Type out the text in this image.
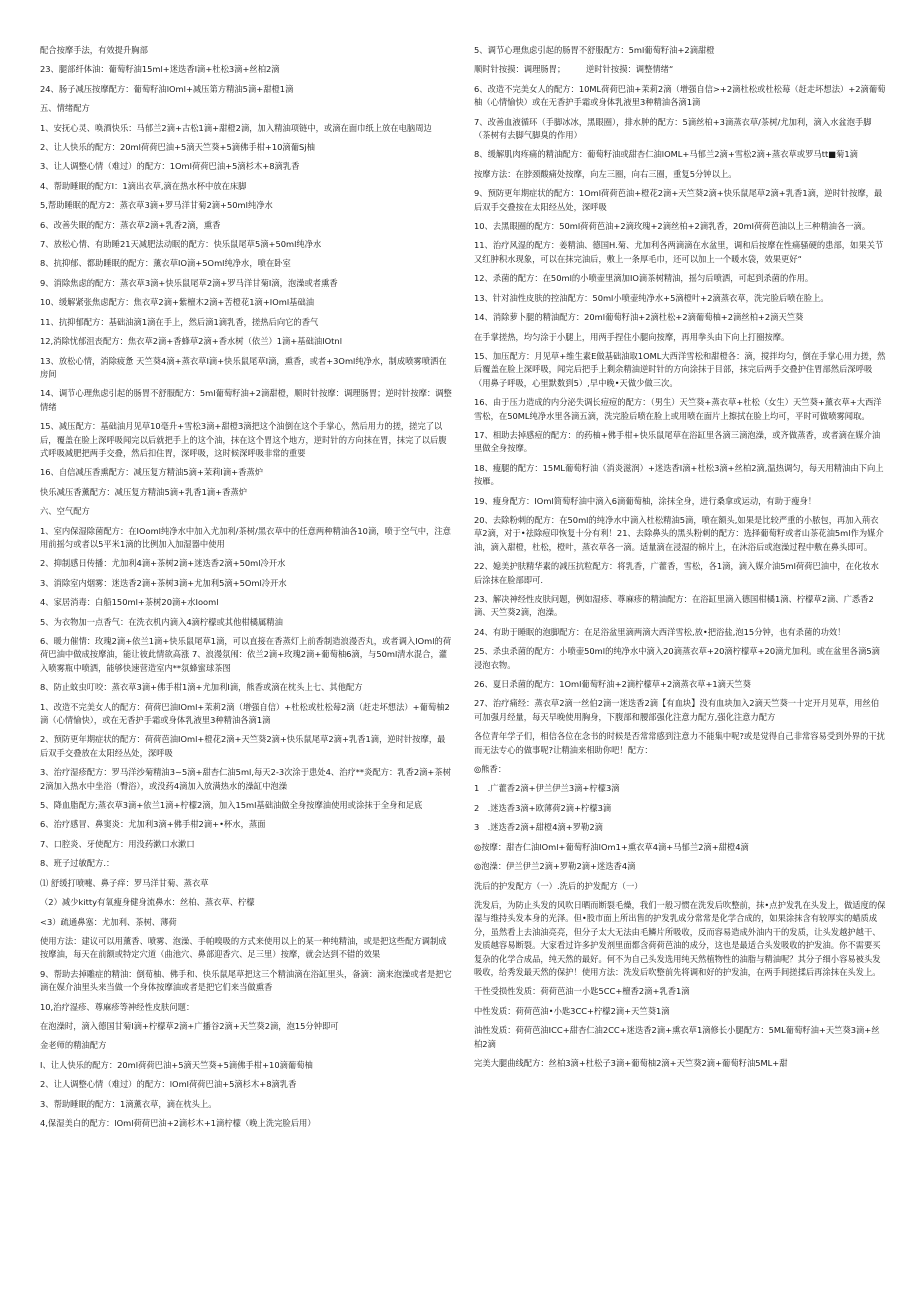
配合按摩手法，有效提升胸部

23、腿部纤体油：葡萄籽油15ml+迷迭香I滴+杜松3滴+丝柏2滴

24、肠子减压按摩配方：葡萄籽油lOml+减压第方精油5滴+甜橙1滴

五、情绪配方

1、安抚心灵、唤酒快乐：马郁兰2滴+古松1滴+甜橙2滴，加入精油项链中，或滴在面巾纸上放在电脑周边

2、让人快乐的配方：20ml荷荷巴油+5滴天竺葵+5滴佛手柑+10滴葡Sj柚

3、让人调整心情（难过）的配方：1Oml荷荷巴油+5滴杉木+8滴乳香

4、帮助睡眠的配方I：1滴出衣草,滴在热水杯中放在床脚

5,帮助睡眠的配方2：蒸衣草3滴+罗马洋甘菊2滴+50ml纯净水

6、改善失眠的配方：蒸衣草2滴+乳香2滴，熏香

7、放松心情、有助睡21天减肥法动眠的配方：快乐鼠尾草5滴+50ml纯净水

8、抗抑郁、都助睡眠的配方：薰衣草IO滴+5Oml纯净水，喷在卧室

9、消除焦虑的配方：蒸衣草3滴+快乐鼠尾草2滴+罗马洋甘菊I滴，泡澡或者熏香

10、缓解紧张焦虑配方：焦衣草2滴+紫檀木2滴+苦橙花1滴+IOml基础油

11、抗抑郁配方：基础油滴1滴在手上，然后滴1滴乳香，搓热后向它的香气

12,消除忧郁沮丧配方：焦衣草2滴+香蜂草2滴+香水树（依兰）1滴+基础油IOtnl

13、放松心情，消除疲惫 天竺葵4滴+蒸衣草I滴+快乐鼠尾草I滴，熏香，或者+3Oml纯净水，制成喷雾喷洒在房间

14、调节心理焦虑引起的肠胃不舒服配方：5ml葡萄籽油+2滴甜橙，顺时针按摩：调理肠胃；逆时针按摩：调整情绪

15、减压配方：基础油月见草10毫升+雪松3滴+甜橙3滴把这个油倒在这个手掌心，然后用力的搓，搓完了以后，覆盖在脸上深呼吸闻完以后就把手上的这个油，抹在这个胃这个地方，逆时针的方向抹在胃，抹完了以后腹式呼吸减肥把两手交叠，然后扣住胃，深呼吸，这时候深呼吸非常的重要

16、自信减压香熏配方：减压复方精油5滴+茉莉I滴+香蒸炉

快乐减压香薰配方：减压复方精油5滴+乳香1滴+香蒸炉

六、空气配方

1、室内保湿除菌配方：在IOoml纯净水中加入尤加利/茶树/黑衣草中的任意两种精油各10滴，喷于空气中，注意用前摇匀或者以5平米1滴的比例加入加湿器中使用

2、抑制感日传播：尤加利4滴+茶树2滴+迷迭香2滴+50ml冷开水

3、消除室内烟雾：迷迭香2滴+茶树3滴+尤加利5滴+5Oml冷开水

4、家居消毒：白船150ml+茶树20滴+水Iooml

5、为衣物加一点香气：在洗衣机内滴入4滴柠檬或其他柑橘属精油

6、暖力催情：玫瑰2滴+依兰1滴+快乐鼠尾草1滴，可以直接在香蒸灯上前香制造浪漫否丸，或者调入IOml的荷荷巴油中做成按摩油，能让彼此情欲高涨 7、浪漫氛闱：依兰2滴+玫瑰2滴+葡萄柚6滴，与50ml清水混合，灌入喷雾瓶中喷洒，能够快速营造室内**氛蜂蜜球茶图

8、防止蚊虫叮咬：蒸衣草3滴+佛手柑1滴+尤加利I滴，熊香或滴在枕头上七、其他配方

1、改造不完美女人的配方：荷荷巴油IOml+茉莉2滴（增强自信）+杜松或杜松莓2滴（赶走坏想法）+葡萄柚2滴（心情愉快），或在无香护手霜或身体乳液里3种精油各滴1滴

2、预防更年期症状的配方：荷荷芭油IOml+橙花2滴+天竺葵2滴+快乐鼠尾草2滴+乳香1滴，逆时针按摩，最后双手交叠放在太阳经丛处，深呼吸

3、治疗湿疹配方：罗马洋沙菊精油3~5滴+甜杏仁油5ml,每天2-3次涂于患处4、治疗**炎配方：乳香2滴+茶树2滴加入热水中坐浴（臀浴），或没药4滴加入放满热水的澡缸中泡澡

5、降血脂配方;蒸衣草3滴+依兰1滴+柠檬2滴，加入15ml基础油做全身按摩油使用或涂抹于全身和足底

6、治疗感冒、鼻窦炎：尤加利3滴+佛手柑2滴+•杯水，蒸面

7、口腔炎、牙使配方：用没药漱口水漱口

8、班子过敏配方.：

⑴ 舒缓打喷嚏、鼻子痒：罗马洋甘菊、蒸衣草

（2）减少kitty有氧瘦身健身流鼻水：丝柏、蒸衣草、柠檬

<3）疏通鼻塞：尤加利、茶树、薄荷

使用方法：建议可以用薰香、喷雾、泡澡、手帕嗅吸的方式来使用以上的某一种纯精油，或是把这些配方调制成按摩油，每天在前额或特定穴道（曲池穴、鼻部迎香穴、足三里）按摩，就会达到不错的效果

9、帮助去掉雕症的精油：倒荀柚、佛手和、快乐鼠尾草把这三个精油滴在浴缸里头，备滴：滴来泡澡或者是把它滴在媒介油里头来当做一个身体按摩油或者是把它们来当做熏香

10,治疗湿疹、尊麻疹等神经性皮肤问题：

在泡澡时，滴入德国甘菊I滴+柠檬草2滴+广播谷2滴+天竺葵2滴，泡15分钟即可

金老师的精油配方

I、让人快乐的配方：20ml荷荷巴油+5滴天竺葵+5滴佛手柑+10滴葡萄柚

2、让人调整心情（难过）的配方：lOml荷荷巴油+5滴杉木+8滴乳香

3、帮助睡眠的配方：1滴薰衣草，滴在枕头上。

4,保湿美白的配方：lOml荷荷巴油+2滴杉木+1滴柠檬（晚上洗完脸后用）

5、调节心理焦虑引起的肠胃不舒服配方：5ml葡萄籽油+2滴甜橙

顺时针按摸：调理肠胃；　　　逆时针按摸：调整情绪“

6、改造不完美女人的配方：10ML荷荷巴油+茉莉2滴（增强自信>+2滴杜松或杜松莓（赶走坏想法）+2滴葡萄柚（心情愉快）或在无香护手霜或身体乳液里3种精油各滴1滴

7、改善血液循环（手脚冰冰，黑眼圈），排水肿的配方：5滴丝柏+3滴蒸衣草/茶树/尤加利，滴入水盆泡手脚（茶树有去脚气脚臭的作用）

8、缓解肌肉疼痛的精油配方：葡萄籽油或甜杏仁油lOML+马郁兰2滴+雪松2滴+蒸衣草或罗马tt■菊1滴

按摩方法：在脖颈酸痛处按摩，向左三圈，向右三圈，重复5分钟以上。

9、预防更年期症状的配方：1Oml荷荷芭油+橙花2滴+天竺葵2滴+快乐鼠尾草2滴+乳香1滴，逆时针按摩，最后双手交叠按在太阳经丛处，深呼吸

10、去黑眼圈的配方：50ml荷荷芭油+2滴玫瑰+2滴丝柏+2滴乳香，20ml荷荷芭油以上三种精油各一滴。

11、治疗风湿的配方：姜精油、德国H.菊、尤加利各两滴滴在水盆里，调和后按摩在性痛骚硬的患部，如果关节又红肿积水现象，可以在抹完油后，敷上一条厚毛巾，还可以加上一个暖水袋，效果更好“

12、杀菌的配方：在50ml的小喷壶里滴加IO滴茶树精油，摇匀后喷洒，可起到杀菌的作用。

13、针对油性皮肤的控油配方：50ml小喷壶纯净水+5滴橙叶+2滴蒸衣草，洗完脸后喷在脸上。

14、消除萝卜腿的精油配方：20ml葡萄籽油+2滴杜松+2滴葡萄柚+2滴丝柏+2滴天竺葵

在手掌搓热，均匀涂于小腿上，用两手捏住小腿向按摩，再用拳头由下向上打圈按摩。

15、加压配方：月见草+维生素E做基础油取1OML大西洋雪松和甜橙各：滴，搅拌均匀，倒在手掌心用力搓，然后覆盖在脸上深呼吸，闻完后把手上剩余精油逆时针的方向涂抹于目部，抹完后两手交叠护住胃部然后深呼吸（用鼻子呼吸，心里默数到5）,早中晚•天做少做三次。

16、由于压力造成的内分泌失调长痘痘的配方：（男生）天竺葵+蒸衣草+杜松（女生）天竺葵+薰衣草+大西洋雪松，在50ML纯净水里各滴五滴，洗完脸后喷在脸上或用喷在面片上擦拭在脸上均可，平时可做喷雾闻取。

17、相助去掉感痘的配方：的药柚+佛手柑+快乐鼠尾草在浴缸里各滴三滴泡澡，或齐做蒸香，或者滴在媒介油里做全身按摩。

18、瘦腿的配方：15ML葡萄籽油（消炎滋润）+迷迭香I滴+杜松3滴+丝柏2滴,温热调匀，每天用精油由下向上按雁。

19、瘦身配方：IOml简萄籽油中滴入6滴葡萄柚，涂抹全身，进行桑拿或运动，有助于瘦身！

20、去除粉刺的配方：在50ml的纯净水中滴入杜松精油5滴，喷在额头,如果是比较严重的小脓包，再加入荊衣草2滴，对于•祛除痘印恢复十分有利！21、去除鼻头的黑头粉刺的配方：选择葡萄籽或者山茶花油5ml作为媒介油，滴入甜橙，杜松，橙叶，蒸衣草各一滴。适量滴在浸湿的棉片上，在沐浴后或泡澡过程中敷在鼻头即可。

22、媳美护肤精华素的减压抗粒配方：将乳香，广藿香，雪松，各1滴，滴入媒介油5ml荷荷巴油中，在化妆水后涂抹在脸部即可.

23、解决神经性皮肤问题，例如湿疹、尊麻疹的精油配方：在浴缸里滴入德国柑橘1滴、柠檬草2滴、广悉香2滴、天竺葵2滴，泡澡。

24、有助于睡眠的泡脚配方：在足浴盆里滴两滴大西洋雪松,放•把浴盐,泡15分钟，也有杀菌的功效！

25、杀虫杀菌的配方：小喷壶50ml的纯净水中滴入20滴蒸衣草+20滴柠檬草+20滴尤加利。或在盆里各滴5滴浸泡衣物。

26、夏日杀菌的配方：1Oml葡萄籽油+2滴柠檬草+2滴蒸衣草+1滴天竺葵

27、治疗痛经：蒸衣草2滴一丝伯2滴一迷迭香2滴【有血块】没有血块加入2滴天竺葵一十定开月见草，用丝伯可加强月经量，每天早晚使用胸身，下腹部和腰部强化注意力配方,强化注意力配方

各位青年学子们，相信各位在念书的时候是否常常感到注意力不能集中呢?或是觉得自己非常容易受到外界的干扰而无法专心的做事呢?让精油来相助你吧！配方：

◎熊香：

1　.广藿香2滴+伊兰伊兰3滴+柠檬3滴

2　.迷迭香3滴+欧薄荷2滴+柠檬3滴

3　.迷迭香2滴+甜橙4滴+罗勒2滴

◎按摩：甜杏仁油lOml+葡萄籽油lOm1+熏衣草4滴+马郁兰2滴+甜橙4滴

◎泡澡：伊兰伊兰2滴+罗勒2滴+迷迭香4滴

洗后的护发配方（一）.洗后的护发配方（一）

洗发后，为防止头发的风吹日晒而断裂毛燥，我们一般习惯在洗发后吹整前，抹•点护发乳在头发上，做适度的保湿与维持头发本身的光泽。但•股市面上所出售的护发乳成分常常是化学合成的，如果涂抹含有较厚实的蜡质成分，虽然看上去油油亮亮，但分子太大无法由毛鳞片所吸收，反而容易造成外油内干的发质，让头发越护越干、发质越容易断裂。大家看过许多护发剂里面都含荷荷芭油的成分，这也是最适合头发吸收的护发油。你不需要买复杂的化学合成品，纯天然的最好。何不为自己头发选用纯天然植物性的油脂与精油呢？其分子细小容易被头发吸收，给秀发最天然的保护！使用方法：洗发后吹整前先将调和好的护发油，在两手间搓揉后再涂抹在头发上。

干性受损性发质：荷荷芭油一小匙5CC+檀香2滴+乳香1滴

中性发质：荷荷芭油•小匙3CC+柠檬2滴+天竺葵1滴

油性发质：荷荷芭油ICC+甜杏仁油2CC+迷迭香2滴+熏衣草1滴修长小腿配方：5ML葡萄籽油+天竺葵3滴+丝柏2滴

完美大腿曲线配方：丝柏3滴+杜松子3滴+葡萄柚2滴+天竺葵2滴+葡萄籽油5ML+甜
